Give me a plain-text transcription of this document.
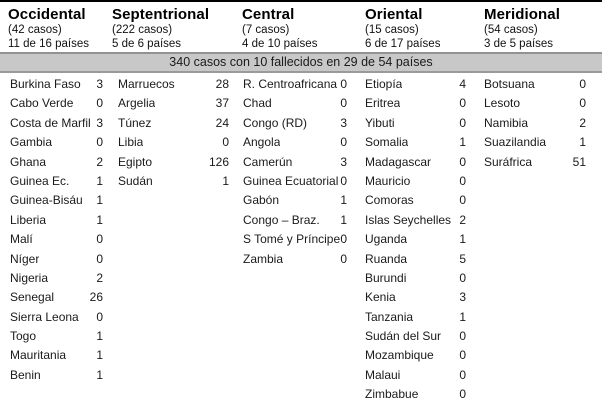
Occidental
(42 casos)
11 de 16 países
Septentrional
(222 casos)
5 de 6 países
Central
(7 casos)
4 de 10 países
Oriental
(15 casos)
6 de 17 países
Meridional
(54 casos)
3 de 5 países
340 casos con 10 fallecidos en 29 de 54 países
Burkina Faso 3
Cabo Verde 0
Costa de Marfil 3
Gambia	0
Ghana	2
Guinea Ec. 1
Guinea-Bisáu 1
Liberia	1
Malí	0
Níger	0
Nigeria	2
Senegal	26
Sierra Leona 0
Togo	1
Mauritania	1
Benin	1
Marruecos	28
Argelia	37
Túnez	24
Libia	0
Egipto	126
Sudán	1
R. Centroafricana 0
Chad	0
Congo (RD)	3
Angola	0
Camerún	3
Guinea Ecuatorial 0
Gabón	1
Congo – Braz. 1
S Tomé y Príncipe 0
Zambia	0
Etiopía	4
Eritrea	0
Yibuti	0
Somalia	1
Madagascar 0
Mauricio	0
Comoras	0
Islas Seychelles 2
Uganda	1
Ruanda	5
Burundi	0
Kenia	3
Tanzania	1
Sudán del Sur 0
Mozambique 0
Malaui	0
Zimbabue	0
Botsuana	0
Lesoto	0
Namibia	2
Suazilandia	1
Suráfrica	51
